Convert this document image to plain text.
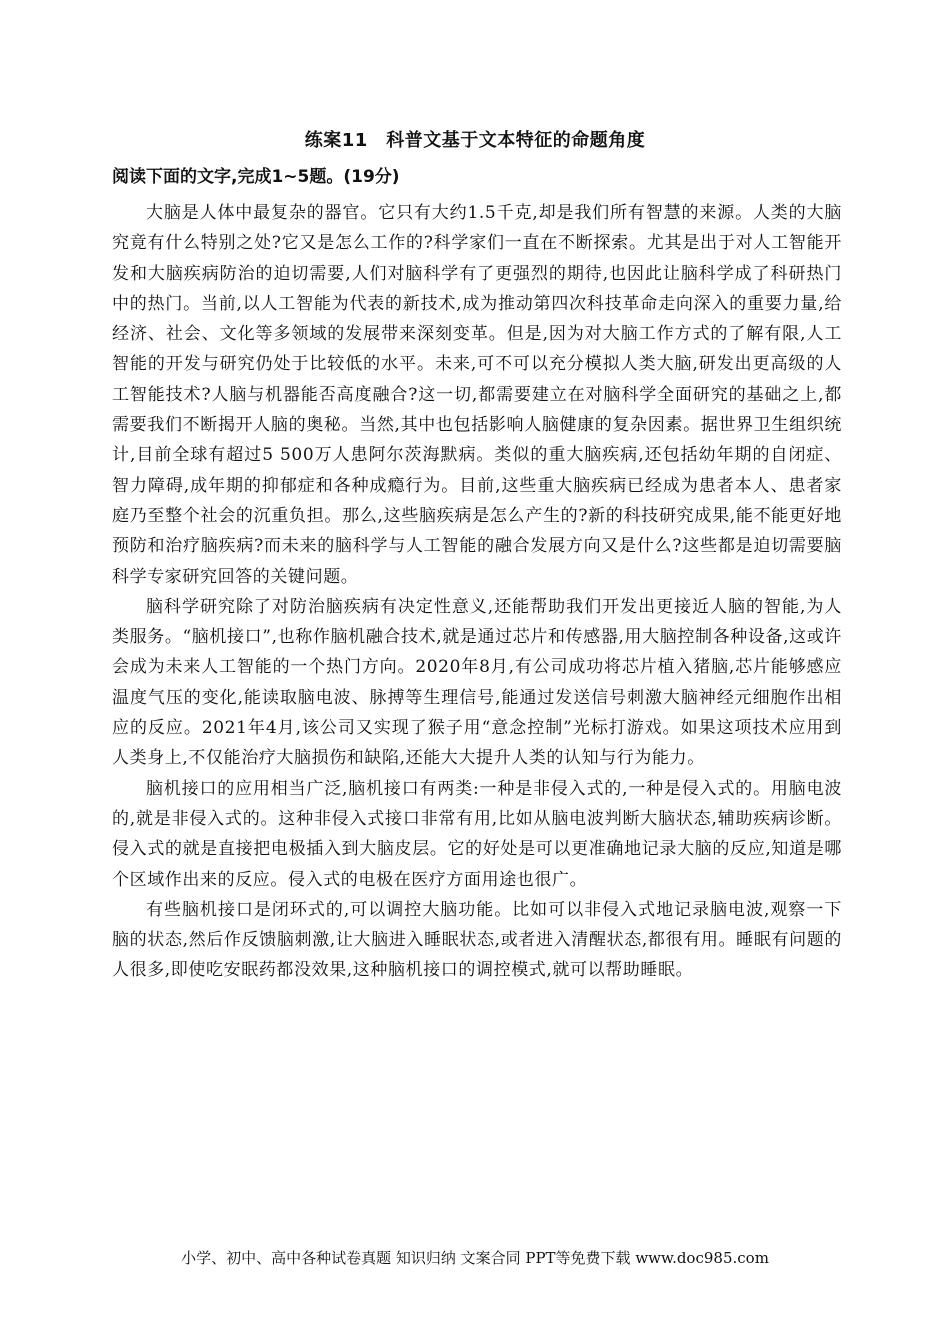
练案11　科普文基于文本特征的命题角度
阅读下面的文字,完成1~5题。(19分)

大脑是人体中最复杂的器官。它只有大约1.5千克,却是我们所有智慧的来源。人类的大脑究竟有什么特别之处?它又是怎么工作的?科学家们一直在不断探索。尤其是出于对人工智能开发和大脑疾病防治的迫切需要,人们对脑科学有了更强烈的期待,也因此让脑科学成了科研热门中的热门。当前,以人工智能为代表的新技术,成为推动第四次科技革命走向深入的重要力量,给经济、社会、文化等多领域的发展带来深刻变革。但是,因为对大脑工作方式的了解有限,人工智能的开发与研究仍处于比较低的水平。未来,可不可以充分模拟人类大脑,研发出更高级的人工智能技术?人脑与机器能否高度融合?这一切,都需要建立在对脑科学全面研究的基础之上,都需要我们不断揭开人脑的奥秘。当然,其中也包括影响人脑健康的复杂因素。据世界卫生组织统计,目前全球有超过5 500万人患阿尔茨海默病。类似的重大脑疾病,还包括幼年期的自闭症、智力障碍,成年期的抑郁症和各种成瘾行为。目前,这些重大脑疾病已经成为患者本人、患者家庭乃至整个社会的沉重负担。那么,这些脑疾病是怎么产生的?新的科技研究成果,能不能更好地预防和治疗脑疾病?而未来的脑科学与人工智能的融合发展方向又是什么?这些都是迫切需要脑科学专家研究回答的关键问题。

脑科学研究除了对防治脑疾病有决定性意义,还能帮助我们开发出更接近人脑的智能,为人类服务。“脑机接口”,也称作脑机融合技术,就是通过芯片和传感器,用大脑控制各种设备,这或许会成为未来人工智能的一个热门方向。2020年8月,有公司成功将芯片植入猪脑,芯片能够感应温度气压的变化,能读取脑电波、脉搏等生理信号,能通过发送信号刺激大脑神经元细胞作出相应的反应。2021年4月,该公司又实现了猴子用“意念控制”光标打游戏。如果这项技术应用到人类身上,不仅能治疗大脑损伤和缺陷,还能大大提升人类的认知与行为能力。

脑机接口的应用相当广泛,脑机接口有两类:一种是非侵入式的,一种是侵入式的。用脑电波的,就是非侵入式的。这种非侵入式接口非常有用,比如从脑电波判断大脑状态,辅助疾病诊断。侵入式的就是直接把电极插入到大脑皮层。它的好处是可以更准确地记录大脑的反应,知道是哪个区域作出来的反应。侵入式的电极在医疗方面用途也很广。

有些脑机接口是闭环式的,可以调控大脑功能。比如可以非侵入式地记录脑电波,观察一下脑的状态,然后作反馈脑刺激,让大脑进入睡眠状态,或者进入清醒状态,都很有用。睡眠有问题的人很多,即使吃安眠药都没效果,这种脑机接口的调控模式,就可以帮助睡眠。

小学、初中、高中各种试卷真题 知识归纳 文案合同 PPT等免费下载 www.doc985.com
